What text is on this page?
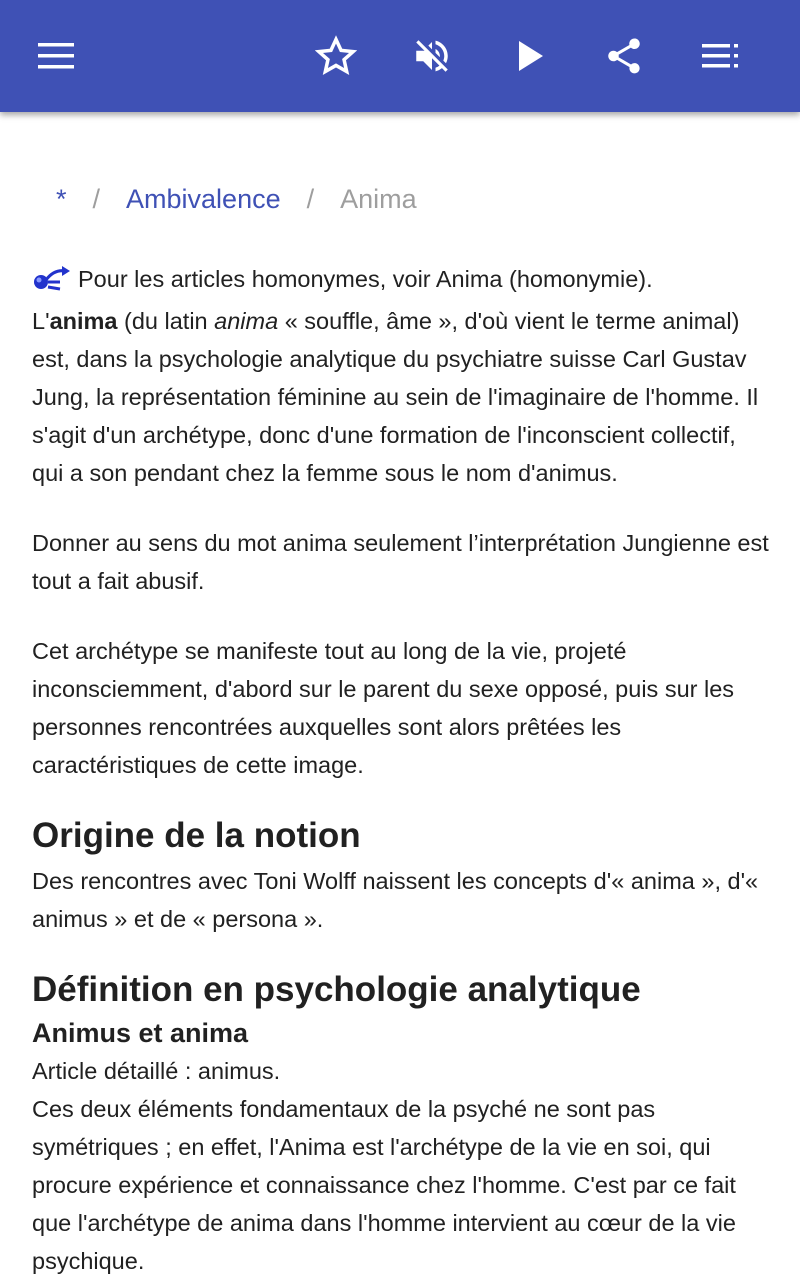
* / Ambivalence / Anima

Pour les articles homonymes, voir Anima (homonymie).

L'anima (du latin anima « souffle, âme », d'où vient le terme animal) est, dans la psychologie analytique du psychiatre suisse Carl Gustav Jung, la représentation féminine au sein de l'imaginaire de l'homme. Il s'agit d'un archétype, donc d'une formation de l'inconscient collectif, qui a son pendant chez la femme sous le nom d'animus.

Donner au sens du mot anima seulement l’interprétation Jungienne est tout a fait abusif.

Cet archétype se manifeste tout au long de la vie, projeté inconsciemment, d'abord sur le parent du sexe opposé, puis sur les personnes rencontrées auxquelles sont alors prêtées les caractéristiques de cette image.

Origine de la notion

Des rencontres avec Toni Wolff naissent les concepts d'« anima », d'« animus » et de « persona ».

Définition en psychologie analytique
Animus et anima

Article détaillé : animus.

Ces deux éléments fondamentaux de la psyché ne sont pas symétriques ; en effet, l'Anima est l'archétype de la vie en soi, qui procure expérience et connaissance chez l'homme. C'est par ce fait que l'archétype de anima dans l'homme intervient au cœur de la vie psychique.
